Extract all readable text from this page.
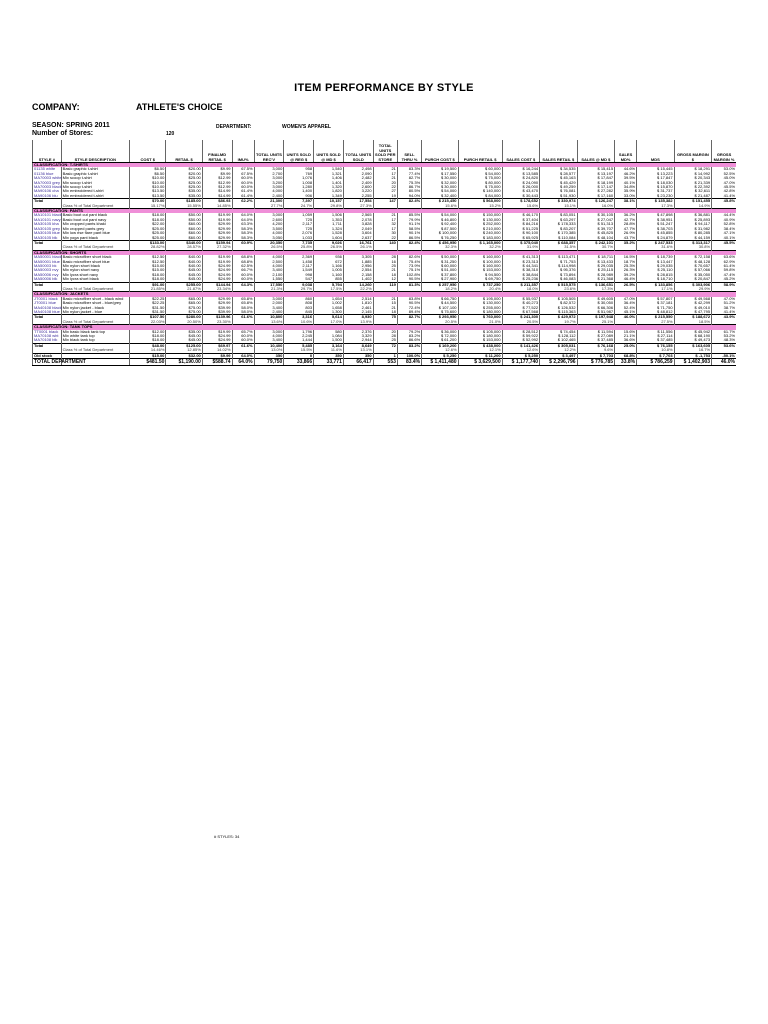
ITEM PERFORMANCE BY STYLE
COMPANY:	ATHLETE'S CHOICE
SEASON: SPRING 2011	DEPARTMENT:	WOMEN'S APPAREL
Number of Stores:	120
STYLE #	STYLE DESCRIPTION	COST $	RETAIL $	FINALMD RETAIL $	IMU%	TOTAL UNITS REC'V	UNITS SOLD @ REG $	UNITS SOLD @ MD $	TOTAL UNITS SOLD	TOTAL UNITS SOLD PER STORE	SELL THRU %	PURCH COST $	PURCH RETAIL $	SALES COST $	SALES RETAIL $	SALES @ MD $	SALES MD%	MDS	GROSS MARGIN $	GROSS MARGIN %
CLASSIFICATION: T-SHIRTS																				
01135 white	Basic graphic t-shirt	$6.50	$20.00	$9.99	67.5%	3,000	958	1,540	2,498	21	83.3%	$ 19,500	$ 60,000	$ 16,244	$ 34,535	$ 15,415	44.6%	$ 15,445	$ 18,291	53.0%
01136 blue	Basic graphic t-shirt	$6.50	$20.00	$9.99	67.5%	2,700	769	1,321	2,090	17	77.4%	$ 17,550	$ 54,000	$ 13,585	$ 28,577	$ 13,197	46.2%	$ 13,223	$ 14,992	52.5%
MA70003 white	Mix scoop t-shirt	$10.00	$25.00	$12.99	60.0%	3,000	1,076	1,406	2,482	21	82.7%	$ 30,000	$ 75,000	$ 24,820	$ 45,163	$ 17,847	39.5%	$ 17,847	$ 20,343	45.0%
MA70003 grey	Mix scoop t-shirt	$10.00	$25.00	$12.99	60.0%	3,200	1,008	1,401	2,409	20	75.3%	$ 32,000	$ 80,000	$ 24,090	$ 45,429	$ 18,199	40.1%	$ 18,030	$ 21,339	47.0%
MA70003 black	Mix scoop t-shirt	$10.00	$25.00	$12.99	60.0%	3,000	1,280	1,320	2,600	22	86.7%	$ 30,000	$ 75,000	$ 26,000	$ 49,259	$ 17,147	34.8%	$ 15,870	$ 22,392	45.5%
MA90106 cha	Mix embroidered t-shirt	$13.50	$35.00	$14.99	61.4%	4,000	1,400	1,820	3,220	27	80.5%	$ 54,000	$ 140,000	$ 43,470	$ 76,081	$ 27,282	35.9%	$ 31,737	$ 32,611	42.8%
MA90106 blu	Mix embroidered t-shirt	$13.50	$35.00	$14.99	61.4%	2,400	906	1,349	2,255	19	94.0%	$ 32,400	$ 84,000	$ 30,443	$ 51,930	$ 17,160	33.0%	$ 23,230	$ 21,487	41.4%
Total		$70.00	$185.00	$86.93	62.2%	21,300	7,397	10,157	17,554	147	82.4%	$ 215,450	$ 568,000	$ 178,652	$ 330,974	$ 126,247	38.1%	$ 135,382	$ 151,455	45.8%
	Class % of Total Department	15.17%	15.55%	14.85%		27.7%	24.7%	29.8%	27.3%			15.6%	15.2%	15.6%	15.1%	16.0%		17.3%	14.9%	
CLASSIFICATION: PANTS																				
MA10101 black	Basic boot cut pant black	$18.00	$50.00	$19.99	64.0%	3,000	1,059	1,506	2,565	21	85.5%	$ 54,000	$ 150,000	$ 46,170	$ 83,051	$ 30,105	36.2%	$ 47,898	$ 36,881	44.4%
MA10101 navy	Basic boot cut pant navy	$18.00	$50.00	$19.99	64.0%	2,600	725	1,353	2,078	17	79.9%	$ 46,800	$ 130,000	$ 37,404	$ 63,297	$ 27,047	42.7%	$ 38,951	$ 25,893	40.9%
MA30105 kha	Mix cropped pants khaki	$22.00	$60.00	$29.99	63.3%	4,200	2,117	1,711	3,828	32	91.1%	$ 92,400	$ 252,000	$ 84,216	$ 178,333	$ 51,313	28.8%	$ 51,247	$ 94,117	52.8%
MA30105 grey	Mix cropped pants grey	$25.00	$60.00	$29.99	58.3%	3,500	725	1,324	2,049	17	58.5%	$ 87,500	$ 210,000	$ 51,225	$ 83,207	$ 39,707	47.7%	$ 38,703	$ 31,982	38.4%
MA30105 blue	Mix low rise flare pant blue	$25.00	$60.00	$29.99	58.3%	4,000	2,076	1,528	3,604	30	90.1%	$ 100,000	$ 240,000	$ 90,100	$ 170,385	$ 45,825	26.9%	$ 45,855	$ 80,285	47.1%
MA30105 blk	Mix yoga pant black	$25.00	$60.00	$29.99	58.3%	3,050	1,033	1,604	2,637	22	86.5%	$ 76,250	$ 183,000	$ 65,925	$ 110,084	$ 48,104	43.7%	$ 24,879	$ 44,159	40.1%
Total		$133.00	$340.00	$159.94	60.9%	20,350	7,735	9,026	16,761	140	82.4%	$ 456,950	$ 1,165,000	$ 375,040	$ 688,357	$ 242,101	35.2%	$ 247,533	$ 313,317	45.5%
	Class % of Total Department	28.82%	28.57%	27.32%		26.5%	25.8%	26.5%	26.1%			32.3%	32.2%	31.9%	31.5%	30.7%		31.6%	30.8%	
CLASSIFICATION: SHORTS																				
MA50001 black	Basic microfiber short black	$12.50	$40.00	$19.99	68.8%	4,000	2,369	936	3,305	28	82.6%	$ 50,000	$ 160,000	$ 41,313	$ 113,471	$ 18,711	16.5%	$ 18,739	$ 72,158	63.6%
MA50001 blue	Basic microfiber short blue	$12.50	$40.00	$19.99	68.8%	2,500	1,458	672	1,885	16	75.4%	$ 31,250	$ 100,000	$ 23,313	$ 71,753	$ 13,433	18.7%	$ 13,447	$ 48,128	62.9%
MA50003 bk	Mix nylon short black	$15.00	$40.00	$24.99	62.5%	4,000	2,117	1,166	2,956	25	73.9%	$ 60,000	$ 160,000	$ 44,341	$ 114,998	$ 29,035	25.3%	$ 29,035	$ 70,657	61.4%
MA50003 nvy	Mix nylon short navy	$15.00	$45.00	$24.99	66.7%	3,400	1,549	1,005	2,554	21	75.1%	$ 51,000	$ 153,000	$ 38,310	$ 95,376	$ 25,115	26.3%	$ 25,110	$ 57,066	59.8%
MA50006 nvy	Mix lycra short navy	$18.00	$45.00	$24.99	60.0%	2,100	998	1,160	2,158	18	102.8%	$ 37,800	$ 94,500	$ 38,844	$ 73,894	$ 28,989	39.2%	$ 28,815	$ 35,050	47.4%
MA50006 blk	Mix lycra short black	$18.00	$45.00	$24.99	60.0%	1,550	547	855	1,402	12	90.5%	$ 27,900	$ 69,750	$ 25,236	$ 46,083	$ 21,368	46.4%	$ 18,710	$ 20,847	45.2%
Total		$91.00	$255.00	$144.94	64.3%	17,550	9,038	5,794	14,260	119	81.3%	$ 257,950	$ 737,250	$ 211,357	$ 515,575	$ 136,651	26.5%	$ 133,856	$ 303,906	58.9%
	Class % of Total Department	21.85%	21.87%	23.34%		21.3%	29.7%	17.5%	22.2%			18.2%	20.4%	18.0%	23.6%	17.3%		17.1%	29.9%	
CLASSIFICATION: JACKETS																				
JT0001 black	Basic microfiber short - black wind	$22.25	$65.00	$29.99	65.8%	3,000	860	1,654	2,514	21	83.8%	$ 66,750	$ 195,000	$ 55,937	$ 105,505	$ 49,605	47.0%	$ 57,807	$ 49,568	47.0%
JT0001 blue	Basic microfiber short - blue/grey	$22.25	$65.00	$29.99	65.8%	2,000	808	1,002	1,810	15	90.5%	$ 44,500	$ 130,000	$ 40,273	$ 82,572	$ 30,050	36.4%	$ 37,181	$ 42,299	51.2%
MA40108 black	Mix nylon jacket - black	$31.50	$75.00	$39.99	58.0%	3,400	803	1,658	2,461	21	72.4%	$ 107,100	$ 255,000	$ 77,522	$ 126,532	$ 66,306	52.4%	$ 71,750	$ 49,010	38.7%
MA40108 blue	Mix nylon jacket - blue	$31.50	$75.00	$39.99	58.0%	2,400	845	1,300	2,145	18	89.4%	$ 75,600	$ 180,000	$ 67,568	$ 115,363	$ 51,987	45.1%	$ 48,812	$ 47,795	41.4%
Total		$107.50	$280.00	$139.96	61.6%	10,800	3,316	5,614	8,930	75	82.7%	$ 293,950	$ 760,000	$ 241,300	$ 429,972	$ 197,948	46.0%	$ 215,550	$ 188,672	43.9%
	Class % of Total Department	22.03%	20.50%	23.30%		13.6%	10.6%	17.0%	13.9%			20.5%	21.0%	20.5%	19.7%	25.1%		27.5%	18.5%	
CLASSIFICATION: TANK TOPS																				
TT0001 black	Mix basic black tank top	$12.00	$35.00	$19.99	65.7%	3,000	1,796	580	2,376	20	79.2%	$ 36,000	$ 105,000	$ 28,512	$ 74,454	$ 11,594	15.6%	$ 11,556	$ 45,942	61.7%
MA70108 wht	Mix white tank top	$18.00	$45.00	$24.99	60.0%	4,000	2,245	1,084	3,329	28	83.2%	$ 72,000	$ 180,000	$ 59,922	$ 128,112	$ 27,089	21.1%	$ 27,114	$ 68,190	53.2%
MA70108 blk	Mix black tank top	$18.00	$45.00	$24.99	60.0%	3,400	1,444	1,500	2,944	25	86.6%	$ 61,200	$ 153,000	$ 52,992	$ 102,465	$ 37,485	36.6%	$ 37,485	$ 49,473	48.3%
Total		$48.00	$125.00	$69.97	61.6%	10,400	5,485	3,164	8,649	72	83.2%	$ 169,200	$ 438,000	$ 141,426	$ 305,031	$ 76,168	25.0%	$ 76,155	$ 163,605	53.6%
	Class % of Total Department	14.46%	12.85%	14.02%		13.0%	15.5%	11.6%	13.1%			12.6%	12.1%	12.6%	12.2%	9.6%		10.8%	16.7%	
Old stock		$15.00	$32.00	$9.99	64.0%	350	0	350	350	1	100.0%	$ 5,250	$ 11,200	$ 5,250	$ 3,497	$ 7,703	68.8%	$ 7,703	$ -1,753	-50.1%
TOTAL DEPARTMENT		$481.50	$1,190.00	$588.74	64.0%	79,750	33,866	33,771	66,417	553	83.4%	$ 1,411,480	$ 3,629,500	$ 1,177,740	$ 2,296,796	$ 776,785	33.8%	$ 786,259	$ 1,402,903	46.0%
# STYLES: 34
